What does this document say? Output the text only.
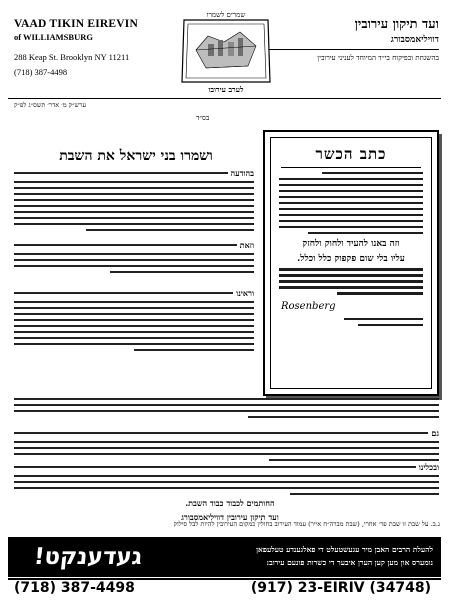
VAAD TIKIN EIREVIN
of WILLIAMSBURG
288 Keap St. Brooklyn NY 11211
(718) 387-4498
שמרים לשמרו
לערב עירובו
ועד תיקון עירובין
דוויליאמסבורג
בהשגחת ובפיקוח בי״ד המיוחד לעניני עירובין
ערש״ק מ׳ אדר׳ תשס״ג לפ״ק
בס״ד
ושמרו בני ישראל את השבת	כתב הכשר
וזה באנו להעיד ולחוק ולחזק
עליו בלי שום פקפוק כלל וכלל.
Rosenberg
בהודעה
וזאת
וראינו
גם
ובכלינו
החותמים לכבוד כבוד השבת.
ועד תיקון עירובין דוויליאמסבורג
נ.ב. על שבת זו שבת פר׳ אחרי, (שבת מברה״ח אייר) עמוד העירוב בחולין כמקום העירובין להיות לבל סילוק
געדענקט!	להעלת הרבים האבן מיר עגעשטעלט די פאלגענדע טעלעפאן
נומערס און מען קען הערן איבער די כשרות פונעם עירוב:
(718) 387-4498	(917) 23-EIRIV (34748)
